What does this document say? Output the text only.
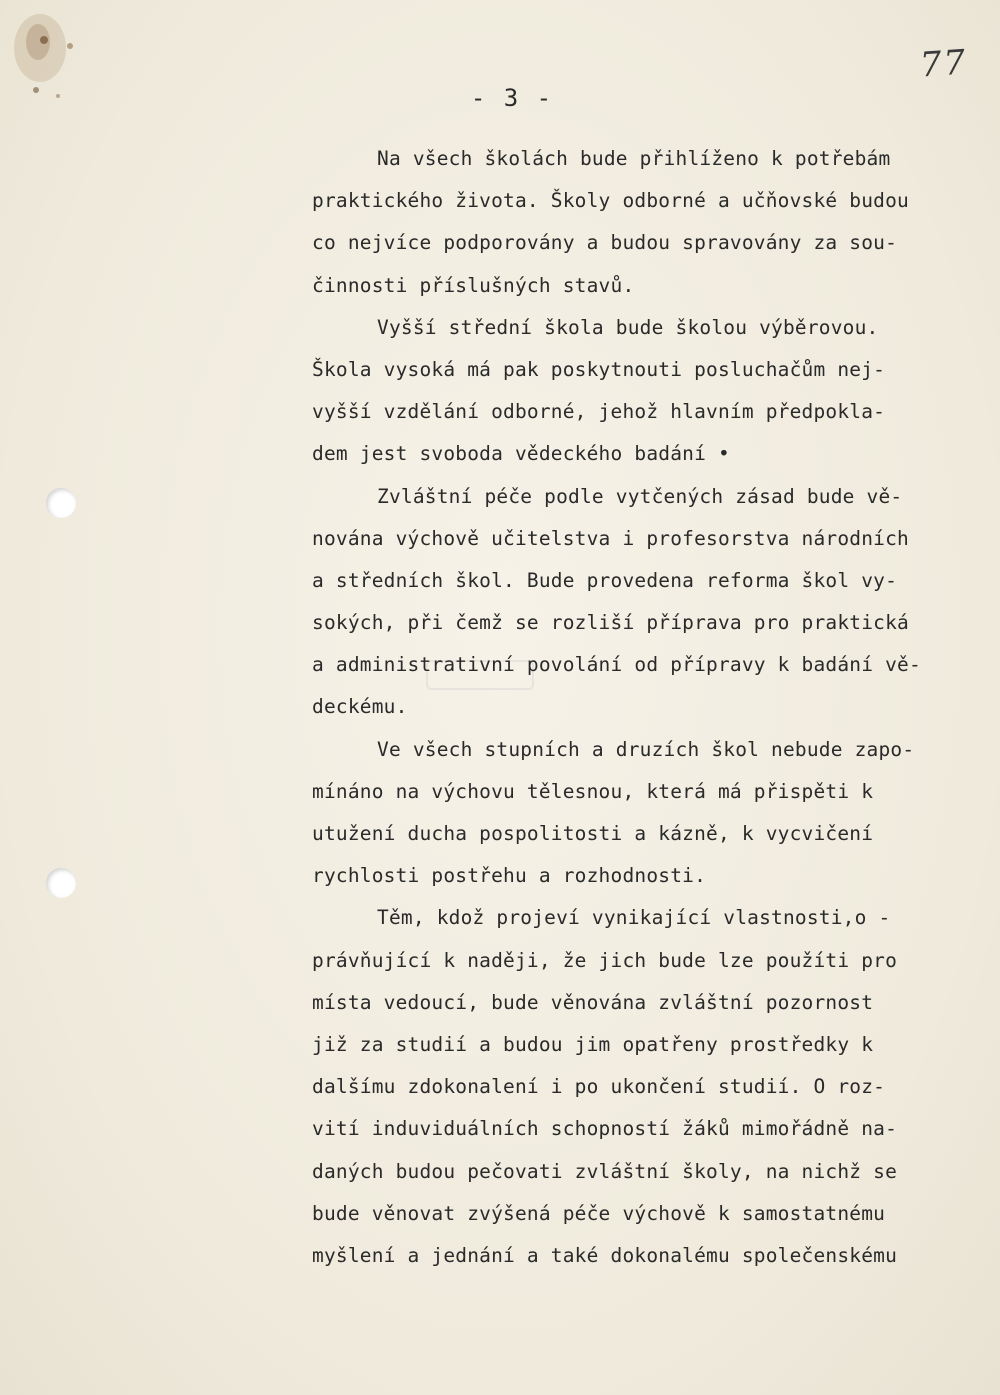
77
- 3 -
Na všech školách bude přihlíženo k potřebám
praktického života. Školy odborné a učňovské budou
co nejvíce podporovány a budou spravovány za sou-
činnosti příslušných stavů.
Vyšší střední škola bude školou výběrovou.
Škola vysoká má pak poskytnouti posluchačům nej-
vyšší vzdělání odborné, jehož hlavním předpokla-
dem jest svoboda vědeckého badání •
Zvláštní péče podle vytčených zásad bude vě-
nována výchově učitelstva i profesorstva národních
a středních škol. Bude provedena reforma škol vy-
sokých, při čemž se rozliší příprava pro praktická
a administrativní povolání od přípravy k badání vě-
deckému.
Ve všech stupních a druzích škol nebude zapo-
mínáno na výchovu tělesnou, která má přispěti k
utužení ducha pospolitosti a kázně, k vycvičení
rychlosti postřehu a rozhodnosti.
Těm, kdož projeví vynikající vlastnosti,o -
právňující k naději, že jich bude lze použíti pro
místa vedoucí, bude věnována zvláštní pozornost
již za studií a budou jim opatřeny prostředky k
dalšímu zdokonalení i po ukončení studií. O roz-
vití induviduálních schopností žáků mimořádně na-
daných budou pečovati zvláštní školy, na nichž se
bude věnovat zvýšená péče výchově k samostatnému
myšlení a jednání a také dokonalému společenskému
